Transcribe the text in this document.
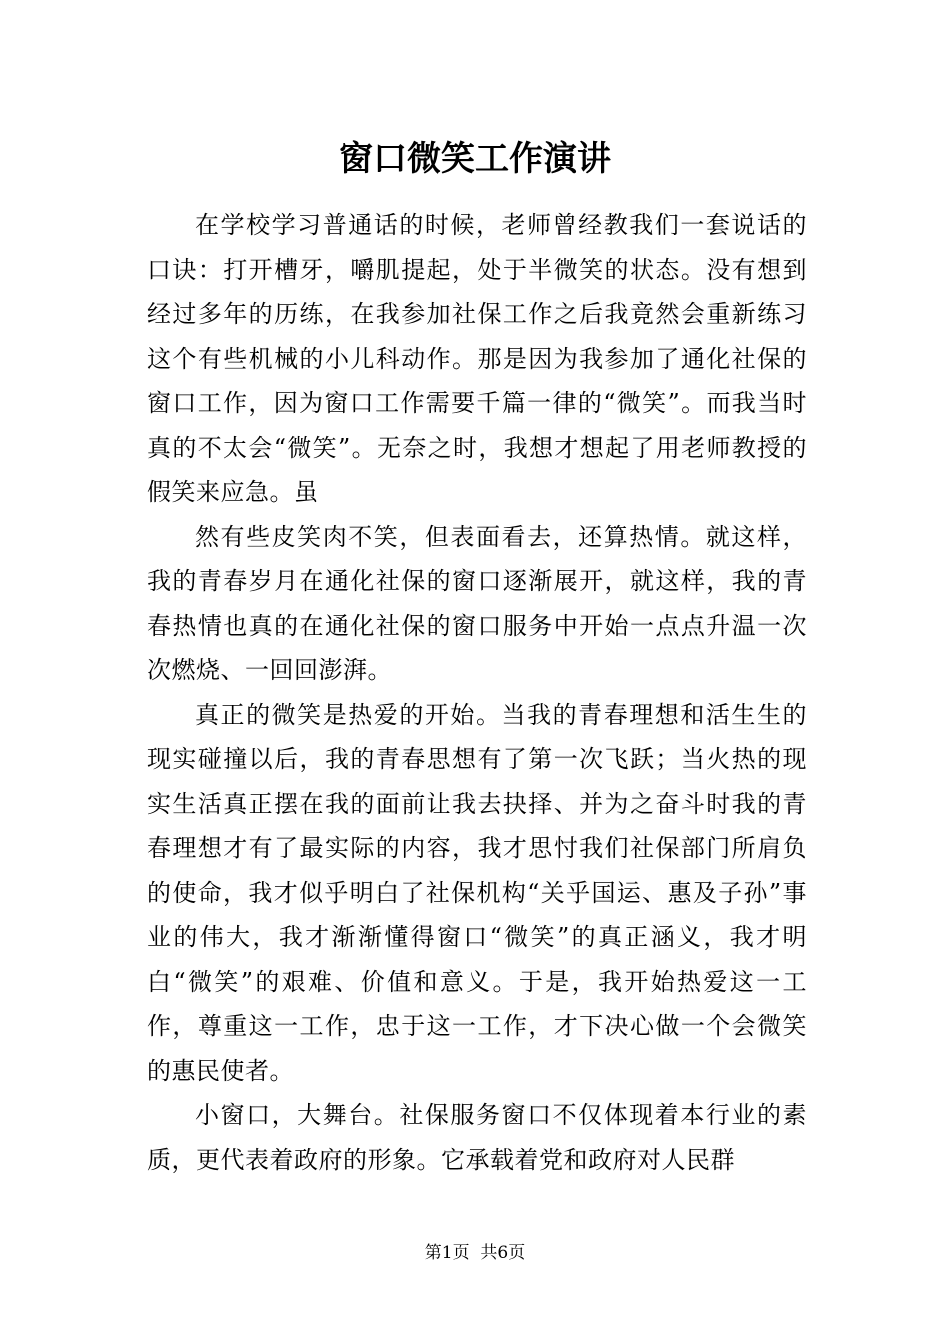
窗口微笑工作演讲

在学校学习普通话的时候，老师曾经教我们一套说话的口诀：打开槽牙，嚼肌提起，处于半微笑的状态。没有想到经过多年的历练，在我参加社保工作之后我竟然会重新练习这个有些机械的小儿科动作。那是因为我参加了通化社保的窗口工作，因为窗口工作需要千篇一律的“微笑”。而我当时真的不太会“微笑”。无奈之时，我想才想起了用老师教授的假笑来应急。虽

然有些皮笑肉不笑，但表面看去，还算热情。就这样，我的青春岁月在通化社保的窗口逐渐展开，就这样，我的青春热情也真的在通化社保的窗口服务中开始一点点升温一次次燃烧、一回回澎湃。

真正的微笑是热爱的开始。当我的青春理想和活生生的现实碰撞以后，我的青春思想有了第一次飞跃；当火热的现实生活真正摆在我的面前让我去抉择、并为之奋斗时我的青春理想才有了最实际的内容，我才思忖我们社保部门所肩负的使命，我才似乎明白了社保机构“关乎国运、惠及子孙”事业的伟大，我才渐渐懂得窗口“微笑”的真正涵义，我才明白“微笑”的艰难、价值和意义。于是，我开始热爱这一工作，尊重这一工作，忠于这一工作，才下决心做一个会微笑的惠民使者。

小窗口，大舞台。社保服务窗口不仅体现着本行业的素质，更代表着政府的形象。它承载着党和政府对人民群

第1页  共6页
